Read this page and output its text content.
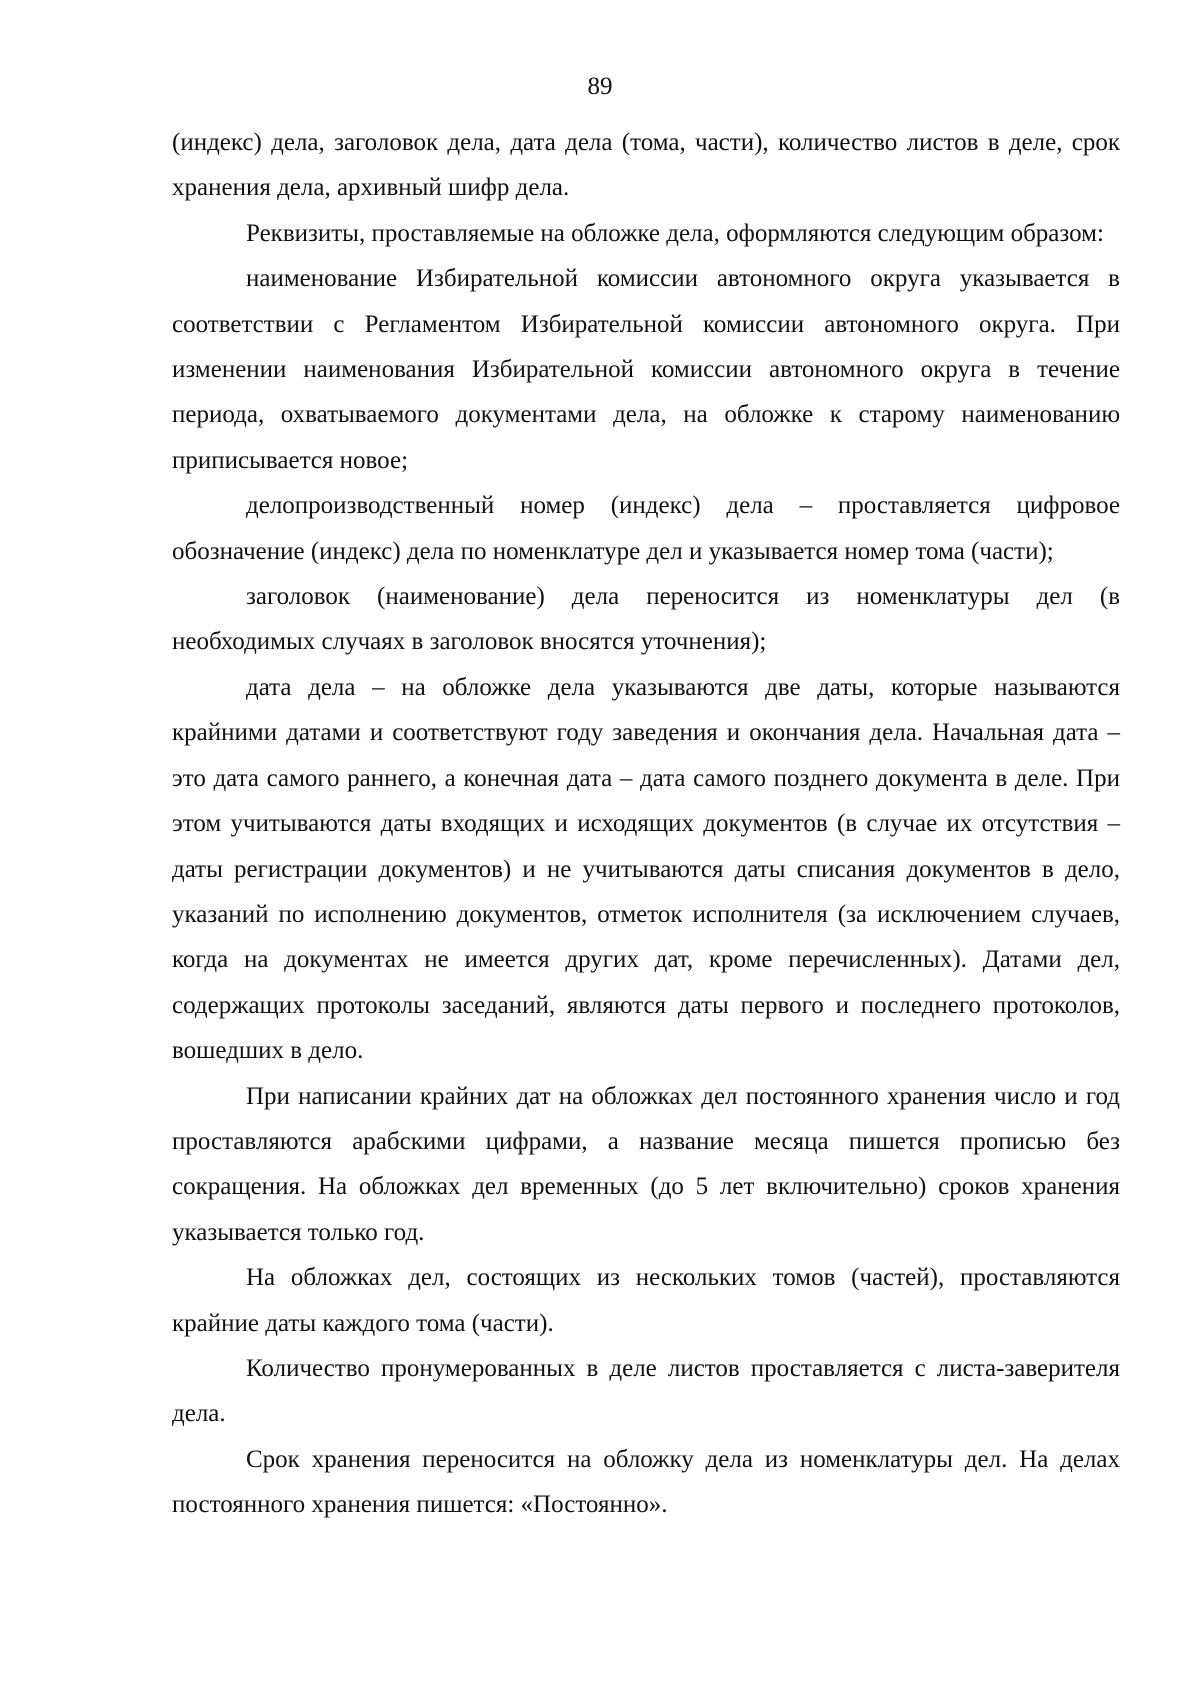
89

(индекс) дела, заголовок дела, дата дела (тома, части), количество листов в деле, срок хранения дела, архивный шифр дела.

Реквизиты, проставляемые на обложке дела, оформляются следующим образом:

наименование Избирательной комиссии автономного округа указывается в соответствии с Регламентом Избирательной комиссии автономного округа. При изменении наименования Избирательной комиссии автономного округа в течение периода, охватываемого документами дела, на обложке к старому наименованию приписывается новое;

делопроизводственный номер (индекс) дела – проставляется цифровое обозначение (индекс) дела по номенклатуре дел и указывается номер тома (части);

заголовок (наименование) дела переносится из номенклатуры дел (в необходимых случаях в заголовок вносятся уточнения);

дата дела – на обложке дела указываются две даты, которые называются крайними датами и соответствуют году заведения и окончания дела. Начальная дата – это дата самого раннего, а конечная дата – дата самого позднего документа в деле. При этом учитываются даты входящих и исходящих документов (в случае их отсутствия – даты регистрации документов) и не учитываются даты списания документов в дело, указаний по исполнению документов, отметок исполнителя (за исключением случаев, когда на документах не имеется других дат, кроме перечисленных). Датами дел, содержащих протоколы заседаний, являются даты первого и последнего протоколов, вошедших в дело.

При написании крайних дат на обложках дел постоянного хранения число и год проставляются арабскими цифрами, а название месяца пишется прописью без сокращения. На обложках дел временных (до 5 лет включительно) сроков хранения указывается только год.

На обложках дел, состоящих из нескольких томов (частей), проставляются крайние даты каждого тома (части).

Количество пронумерованных в деле листов проставляется с листа-заверителя дела.

Срок хранения переносится на обложку дела из номенклатуры дел. На делах постоянного хранения пишется: «Постоянно».
